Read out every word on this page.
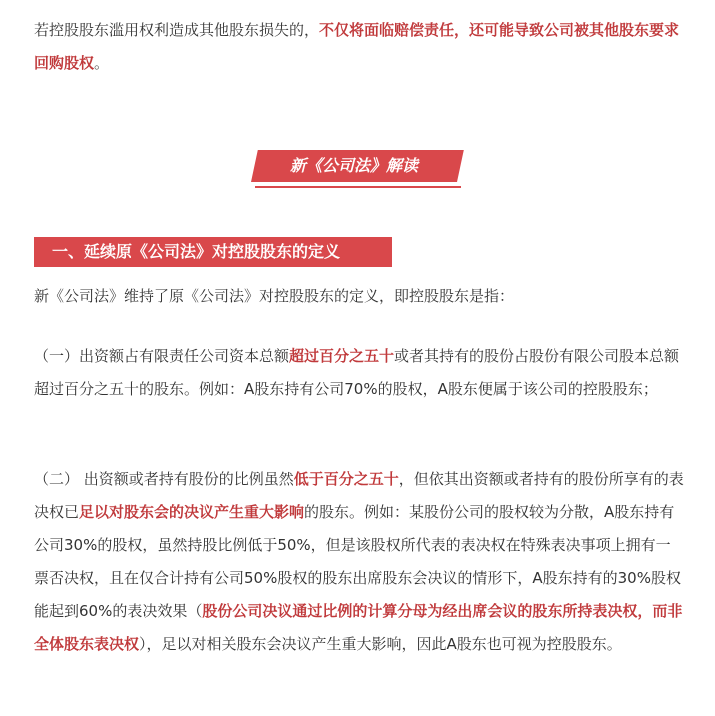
若控股股东滥用权利造成其他股东损失的，不仅将面临赔偿责任，还可能导致公司被其他股东要求回购股权。

新《公司法》解读
一、延续原《公司法》对控股股东的定义

新《公司法》维持了原《公司法》对控股股东的定义，即控股股东是指：

（一）出资额占有限责任公司资本总额超过百分之五十或者其持有的股份占股份有限公司股本总额超过百分之五十的股东。例如：A股东持有公司70%的股权，A股东便属于该公司的控股股东；

（二） 出资额或者持有股份的比例虽然低于百分之五十，但依其出资额或者持有的股份所享有的表决权已足以对股东会的决议产生重大影响的股东。例如：某股份公司的股权较为分散，A股东持有公司30%的股权，虽然持股比例低于50%，但是该股权所代表的表决权在特殊表决事项上拥有一票否决权，且在仅合计持有公司50%股权的股东出席股东会决议的情形下，A股东持有的30%股权能起到60%的表决效果（股份公司决议通过比例的计算分母为经出席会议的股东所持表决权，而非全体股东表决权），足以对相关股东会决议产生重大影响，因此A股东也可视为控股股东。
